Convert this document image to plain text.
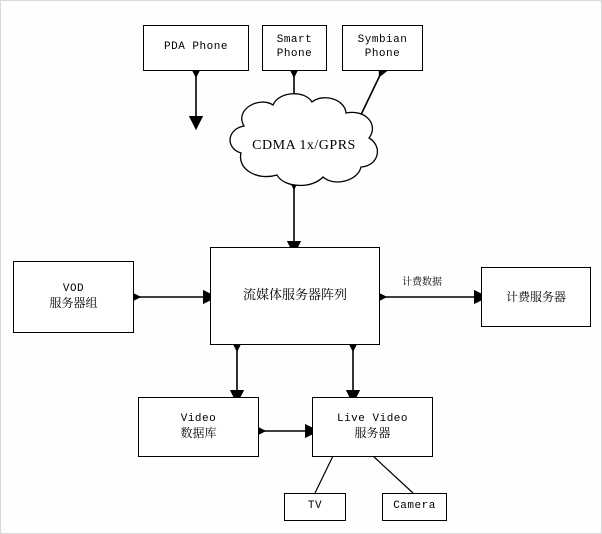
PDA Phone
Smart
Phone
Symbian
Phone
CDMA 1x/GPRS
VOD
服务器组
流媒体服务器阵列	计费服务器
计费数据
Video
数据库
Live Video
服务器
TV	Camera
